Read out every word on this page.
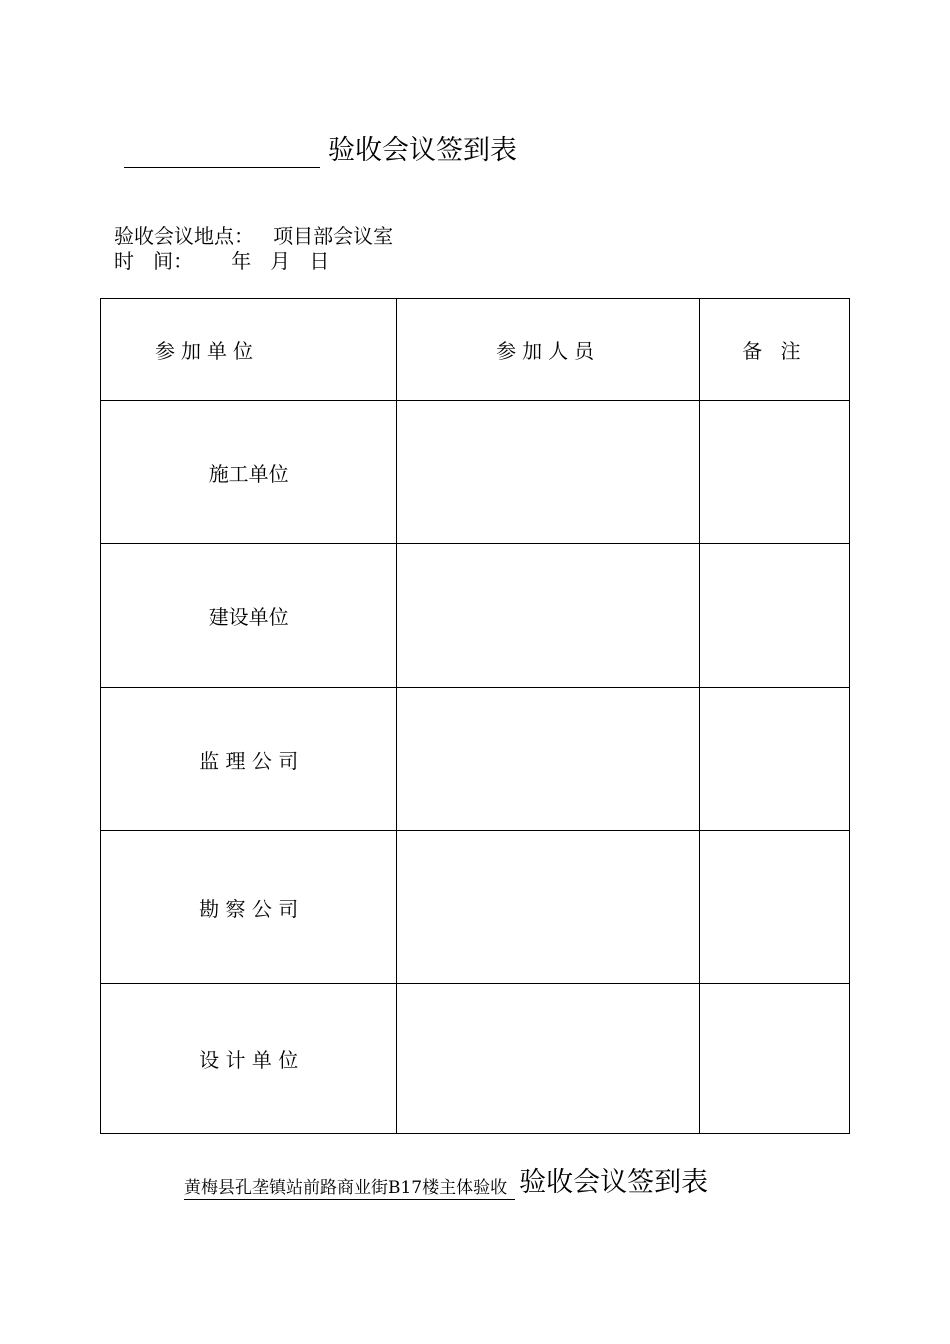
验收会议签到表
验收会议地点：   项目部会议室
时   间：      年   月   日
参加单位	参加人员	备 注
施工单位		
建设单位		
监 理 公 司		
勘 察 公 司		
设 计 单 位		
黄梅县孔垄镇站前路商业街B17楼主体验收 验收会议签到表
